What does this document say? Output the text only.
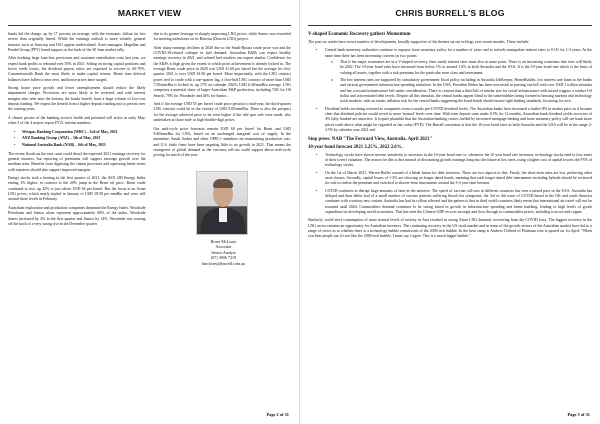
MARKET VIEW

banks led the charge, up by 17 percent on average, with the economic fallout far less severe than originally feared. While the earnings outlook is more volatile, general insurers such as Suncorp and IAG appear undervalued. Asset managers Magellan and Pendal Group (PPT) found support on the back of the 30 June market rally.

After booking large loan-loss provisions and customer remediation costs last year, we expect bank profits to rebound over 50% in 2021. Sitting on strong capital positions and lower credit losses, the dividend payout ratios are expected to recover to 60-70%. Commonwealth Bank the most likely to make capital returns. Home loan deferral balances have fallen to near zero, and house prices have surged.

Strong house price growth and lower unemployment should reduce the likely impairment charges. Provisions are more likely to be reversed, and with interest margins also seen near the bottom, the banks benefit from a large volume of low-cost deposit funding. We expect the benefit from a higher deposit funding mix to persist over the coming years.

A clearer picture of the banking sector's health and potential will arrive in early May, when 3 of the 4 majors report FY21 interim numbers.

• Westpac Banking Corporation (WBC) – 3rd of May, 2021
• ANZ Banking Group (ANZ) – 5th of May, 2021
• National Australia Bank (NAB) – 6th of May, 2021

The recent floods on the east coast could derail the expected 2021 earnings recovery for general insurers, but repricing of premiums will support earnings growth over the medium term. Benefits from digitising the claims processes and squeezing better terms with repairers should also support improved margins.

Energy stocks took a beating in the first quarter of 2021, the ASX 200 Energy Index ending 3% higher, in contrast to the 20% jump in the Brent oil price. Brent crude continued to rise, up 22% to just above USD 64 per barrel. But the focus is on Asian LNG prices, which nearly tripled in January to USD 18.58 per mmBtu and were still around those levels in February.

Australian exploration and production companies dominate the Energy Index. Woodside Petroleum and Santos alone represent approximately 68% of the index. Woodside shares increased by 4% in the first quarter and Santos by 14%. Woodside was coming off the back of a very strong rise in the December quarter

due to its greater leverage to sharply improving LNG prices, while Santos was rewarded for meeting milestones on its Barossa (Darwin LNG) project.

After sharp earnings declines in 2020 due to the Saudi-Russia crude price war and the COVID-19-related collapse in fuel demand, Australian E&Ps can expect healthy earnings recovery in 2021, and refined fuel retailers can expect similar. Confidence for the E&Ps is high given the extent to which price achievement is already locked in. The average Brent crude price in 2020 was USD 41.60 per barrel but the average for first-quarter 2021 is over USD 61.00 per barrel. More importantly, with the LNG contract prices tied to crude with a one-quarter lag, a first-half LNG contract of more than USD 7.50/mmBtu is locked in, up 17% on calendar 2020's USD 6.40/mmBtu average. LNG comprises a material share of larger Australian E&P production, including 74% for Oil Search, 78% for Woodside and 44% for Santos.

And if the average USD 55 per barrel crude price persists to mid-year, the third-quarter LNG contract could be in the vicinity of USD 9.00/mmBtu. There is also the prospect for the average achieved price to be even higher if the odd spot sale were made, also undertaken at those mid- to high-double-digit prices.

Our mid-cycle price forecasts remain USD 60 per barrel for Brent and USD 8.40/mmBtu for LNG, based on an unchanged marginal cost of supply. In the meantime, Saudi Arabia and other OPEC+ members are maintaining production cuts, and U.S. shale firms have been targeting little to no growth in 2021. That means the resurgence of global demand as the vaccines roll-out could support above mid-cycle pricing for much of the year.

Bruce McLeary
Associate
Senior Analyst
(07) 3006 7219
bmcleary@burrell.com.au
Page 2 of 31
CHRIS BURRELL'S BLOG
V-shaped Economic Recovery gathers Momentum

The past six weeks have seen a number of developments, broadly supportive of the themes set out in blogs over recent months. These include:

• Central bank monetary authorities continue to espouse loose monetary policy for a number of years and to actively manipulate interest rates to 0.1% for 1-3 years. At the same time there has been increasing concern on two points:
o That if the major economies are in a V-shaped recovery, then surely interest rates must also at some point. There is an increasing consensus that rises will likely be 2022. The 10-year bond rates have increased from below 1% to around 1.6% in both Australia and the USA. It is the 10-year bond rate which is the basis of valuing all assets, together with a risk premium for the particular asset class and investment.
o The low interest rates are supported by stimulatory government fiscal policy including in Australia JobKeeper, HomeBuilder, low interest rate loans to the banks and various government infrastructure spending initiatives. In the USA, President Biden has been successful in passing one bill with over USD 1 trillion stimulus and has a second infrastructure bill under consideration. There is concern that a third bill of similar size for social infrastructure with mixed triggers a weaker US dollar and concentrated debt levels. Despite all this stimulus, the central banks appear blind to the same bubbles being formed in housing markets and technology stock markets, with an erratic inflation risk for the central banks suggesting the bond bonds should ensure tight lending standards, focussing for now.
• Dividend yields are being restored as companies revert towards pre-COVID dividend levels. The Australian banks have increased a further 8% in market price as it became clear that dividend policies would revert to more 'normal' levels over time. With term deposit rates under 0.5% for 12 months, Australian bank dividend yields in excess of 4% fully franked are attractive. It is quite plausible that the Australian banking carries fuelled by increased mortgage lending and loose monetary policy will see bank share prices trade above what might be regarded as fair value (FVE). The Burrell consensus is that the 10-year bond rates in both Australia and the USA will be in the range 2-2.5% by calendar year 2021 end.
Stop press: NAB "The Forward View, Australia. April 2021"
10-year bond forecast 2021 2.25%, 2022 2.6%.
• Technology stocks have shown inverse sensitivity to increases in the 10-year bond rate i.e. whenever the 10 year bond rate increases, technology stocks tend to lose some of their (over) valuation. The reason for this is that instead of discounting growth earnings long into the future at low rates, using a higher cost of capital lowers the FVE of technology stocks.
• On the 1st of March 2021, Warren Buffet warned of a bleak future for debt investors. There are two aspects to this. Firstly, the short-term rates are low, preferring other asset classes. Secondly, capital losses of 1-3% are showing on longer dated bonds, meaning that such longer dated debt instruments including hybrids should be reviewed for sale to realise the premium and switched to shorter-term instruments around the 3-4 year time horizon.
• COVID continues to disrupt large amounts of time in the universe. The speed of vaccine roll-outs in different countries has seen a mixed pace in the USA. Australia has delayed and then fallen foul of a small number of vaccine patients suffering blood-clot symptoms; the 3rd or 4th wave of COVID based in the UK and south America continues with a serious new variant. Australia has had its rollout affected and the pattern is that in third world countries likely mean that international air travel will not be resumed until 2024. Commodities demand continues to be strong based in growth in infrastructure spending and home building, leading to high levels of goods expenditure in developing world economies. That has seen the Chinese GDP recover strongly and flow through to commodities prices, including iron ore and copper.

Similarly, world steel consumption of more normal levels of activity in Asia resulted in strong Asian LNG demand, recovering from the COVID lows. The biggest recovery in the LNG sector remains an opportunity for Australian investors. The continuing recovery in the US stock market and in some of the growth sectors of the Australian market have led to a range of views as to whether there is a technology bubble reminiscent of the 2000 tech bubble. In the bear camp is Andrew Clifford of Platinum who is quoted on 1st April: "When you hear people say it's not like the 2000 tech bubble, I must say, I agree. This is a much bigger bubble."

Page 3 of 31
